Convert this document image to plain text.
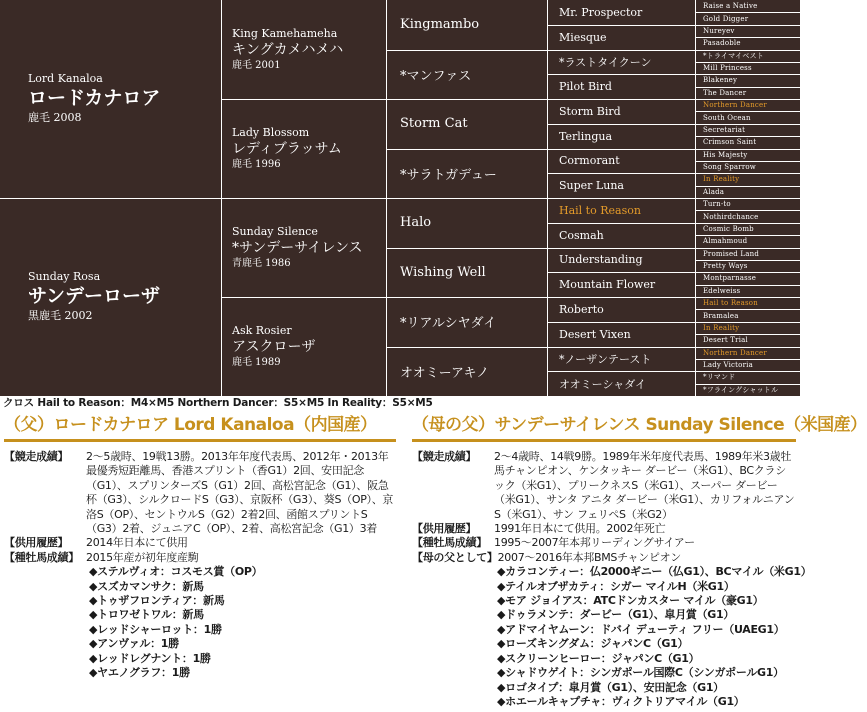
Lord Kanaloa
ロードカナロア
鹿毛 2008
Sunday Rosa
サンデーローザ
黒鹿毛 2002
King Kamehameha
キングカメハメハ
鹿毛 2001
Lady Blossom
レディブラッサム
鹿毛 1996
Sunday Silence
*サンデーサイレンス
青鹿毛 1986
Ask Rosier
アスクローザ
鹿毛 1989
Kingmambo
*マンファス
Storm Cat
*サラトガデュー
Halo
Wishing Well
*リアルシヤダイ
オオミーアキノ
Mr. Prospector
Miesque
*ラストタイクーン
Pilot Bird
Storm Bird
Terlingua
Cormorant
Super Luna
Hail to Reason
Cosmah
Understanding
Mountain Flower
Roberto
Desert Vixen
*ノーザンテースト
オオミーシャダイ
Raise a Native
Gold Digger
Nureyev
Pasadoble
*トライマイベスト
Mill Princess
Blakeney
The Dancer
Northern Dancer
South Ocean
Secretariat
Crimson Saint
His Majesty
Song Sparrow
In Reality
Alada
Turn-to
Nothirdchance
Cosmic Bomb
Almahmoud
Promised Land
Pretty Ways
Montparnasse
Edelweiss
Hail to Reason
Bramalea
In Reality
Desert Trial
Northern Dancer
Lady Victoria
*リマンド
*フライングシャットル
クロス Hail to Reason：M4×M5 Northern Dancer：S5×M5 In Reality：S5×M5
（父）ロードカナロア Lord Kanaloa（内国産）
【競走成績】	2～5歳時、19戦13勝。2013年年度代表馬、2012年・2013年最優秀短距離馬、香港スプリント（香G1）2回、安田記念（G1）、スプリンターズS（G1）2回、高松宮記念（G1）、阪急杯（G3）、シルクロードS（G3）、京阪杯（G3）、葵S（OP）、京洛S（OP）、セントウルS（G2）2着2回、函館スプリントS（G3）2着、ジュニアC（OP）、2着、高松宮記念（G1）3着
【供用履歴】	2014年日本にて供用
【種牡馬成績】 2015年産が初年度産駒
◆ステルヴィオ：コスモス賞（OP）
◆スズカマンサク：新馬
◆トゥザフロンティア：新馬
◆トロワゼトワル：新馬
◆レッドシャーロット：1勝
◆アンヴァル：1勝
◆レッドレグナント：1勝
◆ヤエノグラフ：1勝
（母の父）サンデーサイレンス Sunday Silence（米国産）
【競走成績】	2～4歳時、14戦9勝。1989年米年度代表馬、1989年米3歳牡馬チャンピオン、ケンタッキー ダービー（米G1）、BCクラシック（米G1）、プリークネスS（米G1）、スーパー ダービー（米G1）、サンタ アニタ ダービー（米G1）、カリフォルニアンS（米G1）、サン フェリペS（米G2）
【供用履歴】	1991年日本にて供用。2002年死亡
【種牡馬成績】 1995～2007年本邦リーディングサイアー
【母の父として】 2007～2016年本邦BMSチャンピオン
◆カラコンティー：仏2000ギニー（仏G1）、BCマイル（米G1）
◆テイルオブザカティ：シガー マイルH（米G1）
◆モア ジョイアス：ATCドンカスター マイル（豪G1）
◆ドゥラメンテ：ダービー（G1）、皐月賞（G1）
◆アドマイヤムーン：ドバイ デューティ フリー（UAEG1）
◆ローズキングダム：ジャパンC（G1）
◆スクリーンヒーロー：ジャパンC（G1）
◆シャドウゲイト：シンガポール国際C（シンガポールG1）
◆ロゴタイプ：皐月賞（G1）、安田記念（G1）
◆ホエールキャプチャ：ヴィクトリアマイル（G1）
